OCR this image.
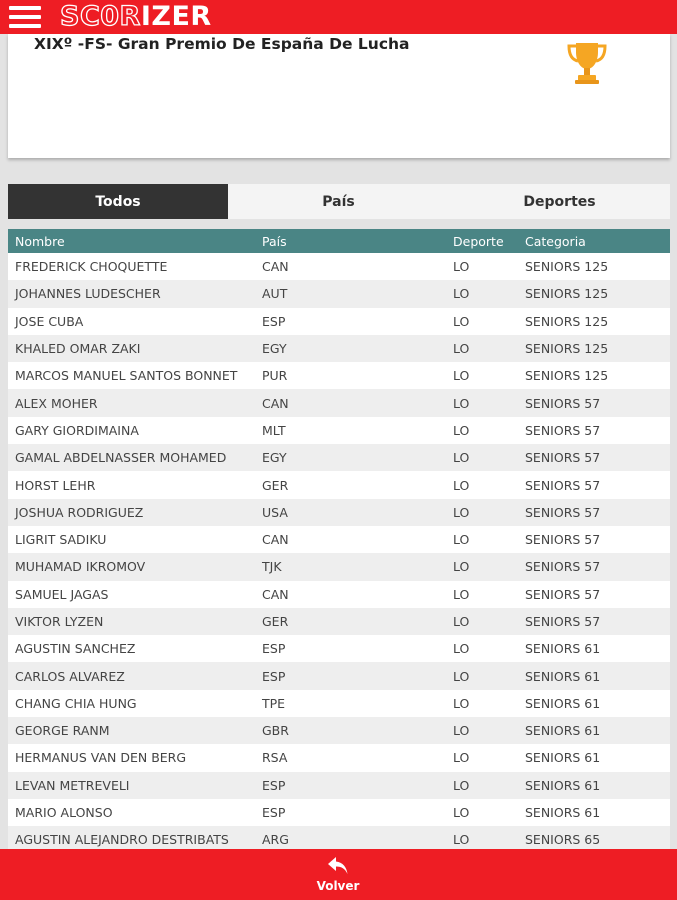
SC0RIZER
XIXº -FS- Gran Premio De España De Lucha
Todos	País	Deportes
Nombre	País	Deporte	Categoria
FREDERICK CHOQUETTE	CAN	LO	SENIORS 125
JOHANNES LUDESCHER	AUT	LO	SENIORS 125
JOSE CUBA	ESP	LO	SENIORS 125
KHALED OMAR ZAKI	EGY	LO	SENIORS 125
MARCOS MANUEL SANTOS BONNET	PUR	LO	SENIORS 125
ALEX MOHER	CAN	LO	SENIORS 57
GARY GIORDIMAINA	MLT	LO	SENIORS 57
GAMAL ABDELNASSER MOHAMED	EGY	LO	SENIORS 57
HORST LEHR	GER	LO	SENIORS 57
JOSHUA RODRIGUEZ	USA	LO	SENIORS 57
LIGRIT SADIKU	CAN	LO	SENIORS 57
MUHAMAD IKROMOV	TJK	LO	SENIORS 57
SAMUEL JAGAS	CAN	LO	SENIORS 57
VIKTOR LYZEN	GER	LO	SENIORS 57
AGUSTIN SANCHEZ	ESP	LO	SENIORS 61
CARLOS ALVAREZ	ESP	LO	SENIORS 61
CHANG CHIA HUNG	TPE	LO	SENIORS 61
GEORGE RANM	GBR	LO	SENIORS 61
HERMANUS VAN DEN BERG	RSA	LO	SENIORS 61
LEVAN METREVELI	ESP	LO	SENIORS 61
MARIO ALONSO	ESP	LO	SENIORS 61
AGUSTIN ALEJANDRO DESTRIBATS	ARG	LO	SENIORS 65
Volver
